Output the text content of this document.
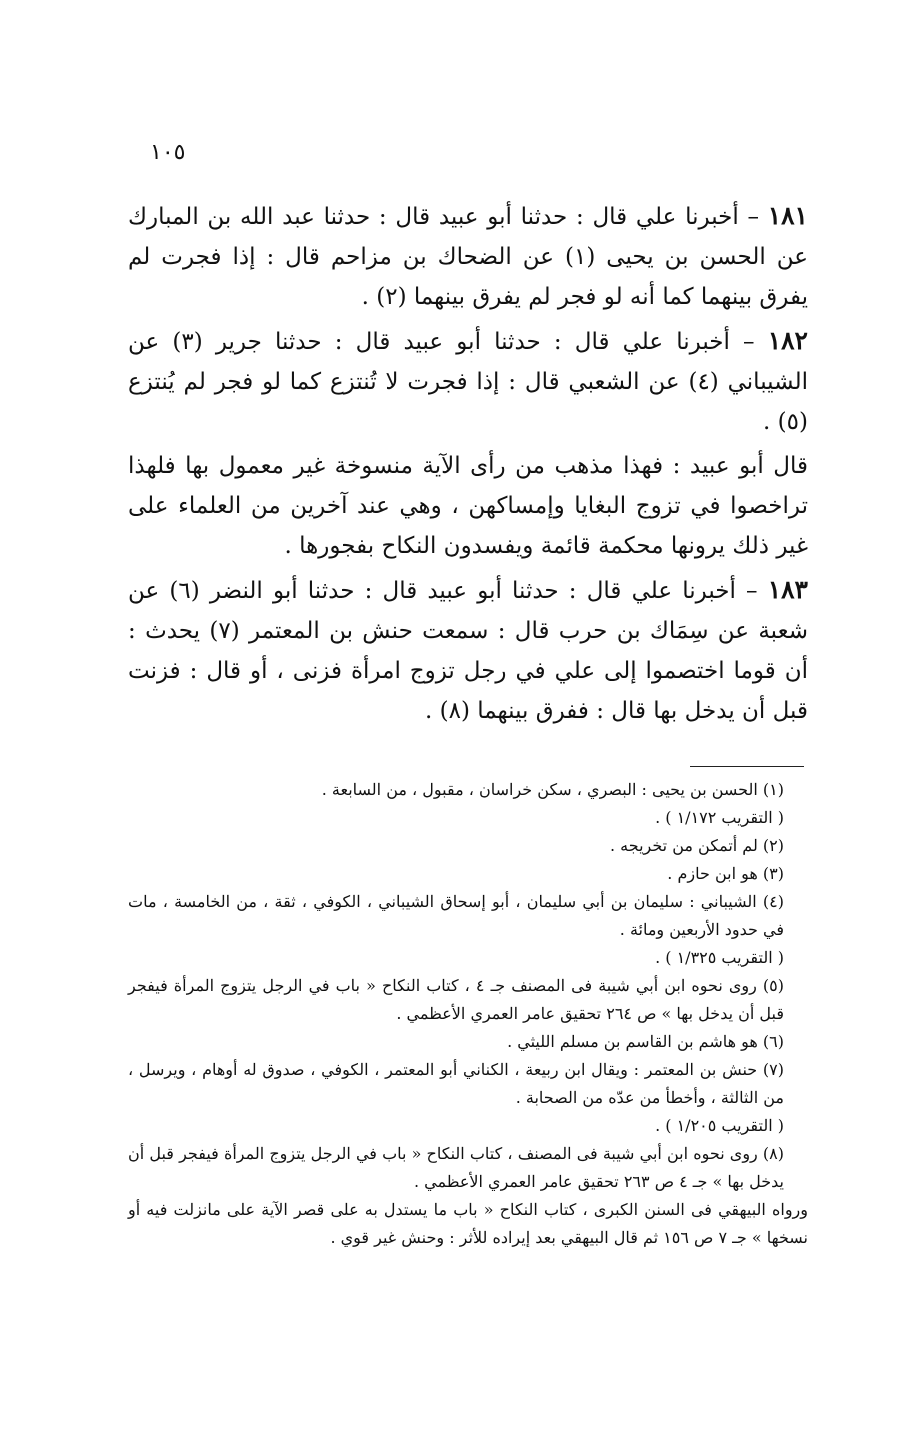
١٠٥

١٨١ – أخبرنا علي قال : حدثنا أبو عبيد قال : حدثنا عبد الله بن المبارك عن الحسن بن يحيى (١) عن الضحاك بن مزاحم قال : إذا فجرت لم يفرق بينهما كما أنه لو فجر لم يفرق بينهما (٢) .

١٨٢ – أخبرنا علي قال : حدثنا أبو عبيد قال : حدثنا جرير (٣) عن الشيباني (٤) عن الشعبي قال : إذا فجرت لا تُنتزع كما لو فجر لم يُنتزع (٥) .

قال أبو عبيد : فهذا مذهب من رأى الآية منسوخة غير معمول بها فلهذا تراخصوا في تزوج البغايا وإمساكهن ، وهي عند آخرين من العلماء على غير ذلك يرونها محكمة قائمة ويفسدون النكاح بفجورها .

١٨٣ – أخبرنا علي قال : حدثنا أبو عبيد قال : حدثنا أبو النضر (٦) عن شعبة عن سِمَاك بن حرب قال : سمعت حنش بن المعتمر (٧) يحدث : أن قوما اختصموا إلى علي في رجل تزوج امرأة فزنى ، أو قال : فزنت قبل أن يدخل بها قال : ففرق بينهما (٨) .

(١) الحسن بن يحيى : البصري ، سكن خراسان ، مقبول ، من السابعة .

( التقريب ١/١٧٢ ) .

(٢) لم أتمكن من تخريجه .

(٣) هو ابن حازم .

(٤) الشيباني : سليمان بن أبي سليمان ، أبو إسحاق الشيباني ، الكوفي ، ثقة ، من الخامسة ، مات في حدود الأربعين ومائة .

( التقريب ١/٣٢٥ ) .

(٥) روى نحوه ابن أبي شيبة فى المصنف جـ ٤ ، كتاب النكاح « باب في الرجل يتزوج المرأة فيفجر قبل أن يدخل بها » ص ٢٦٤ تحقيق عامر العمري الأعظمي .

(٦) هو هاشم بن القاسم بن مسلم الليثي .

(٧) حنش بن المعتمر : ويقال ابن ربيعة ، الكناني أبو المعتمر ، الكوفي ، صدوق له أوهام ، ويرسل ، من الثالثة ، وأخطأ من عدّه من الصحابة .

( التقريب ١/٢٠٥ ) .

(٨) روى نحوه ابن أبي شيبة فى المصنف ، كتاب النكاح « باب في الرجل يتزوج المرأة فيفجر قبل أن يدخل بها » جـ ٤ ص ٢٦٣ تحقيق عامر العمري الأعظمي .

ورواه البيهقي فى السنن الكبرى ، كتاب النكاح « باب ما يستدل به على قصر الآية على مانزلت فيه أو نسخها » جـ ٧ ص ١٥٦ ثم قال البيهقي بعد إيراده للأثر : وحنش غير قوي .
